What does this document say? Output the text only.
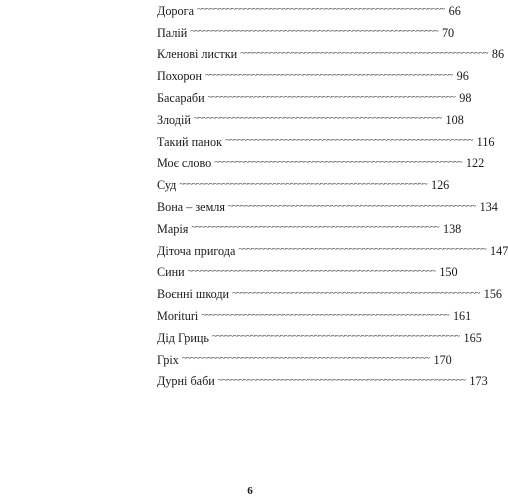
Дорога ~~~~~~~~~~~~~~~~~~~~~~~~~~~~~~~~~~~~~~~~~~~~~~~~~~~~~~~~~~ 66
Палій ~~~~~~~~~~~~~~~~~~~~~~~~~~~~~~~~~~~~~~~~~~~~~~~~~~~~~~~~~~ 70
Кленові листки ~~~~~~~~~~~~~~~~~~~~~~~~~~~~~~~~~~~~~~~~~~~~~~~~~~~~~~~~~~ 86
Похорон ~~~~~~~~~~~~~~~~~~~~~~~~~~~~~~~~~~~~~~~~~~~~~~~~~~~~~~~~~~ 96
Басараби ~~~~~~~~~~~~~~~~~~~~~~~~~~~~~~~~~~~~~~~~~~~~~~~~~~~~~~~~~~ 98
Злодій ~~~~~~~~~~~~~~~~~~~~~~~~~~~~~~~~~~~~~~~~~~~~~~~~~~~~~~~~~~ 108
Такий панок ~~~~~~~~~~~~~~~~~~~~~~~~~~~~~~~~~~~~~~~~~~~~~~~~~~~~~~~~~~ 116
Моє слово ~~~~~~~~~~~~~~~~~~~~~~~~~~~~~~~~~~~~~~~~~~~~~~~~~~~~~~~~~~ 122
Суд ~~~~~~~~~~~~~~~~~~~~~~~~~~~~~~~~~~~~~~~~~~~~~~~~~~~~~~~~~~ 126
Вона – земля ~~~~~~~~~~~~~~~~~~~~~~~~~~~~~~~~~~~~~~~~~~~~~~~~~~~~~~~~~~ 134
Марія ~~~~~~~~~~~~~~~~~~~~~~~~~~~~~~~~~~~~~~~~~~~~~~~~~~~~~~~~~~ 138
Діточа пригода ~~~~~~~~~~~~~~~~~~~~~~~~~~~~~~~~~~~~~~~~~~~~~~~~~~~~~~~~~~ 147
Сини ~~~~~~~~~~~~~~~~~~~~~~~~~~~~~~~~~~~~~~~~~~~~~~~~~~~~~~~~~~ 150
Воєнні шкоди ~~~~~~~~~~~~~~~~~~~~~~~~~~~~~~~~~~~~~~~~~~~~~~~~~~~~~~~~~~ 156
Moriturі ~~~~~~~~~~~~~~~~~~~~~~~~~~~~~~~~~~~~~~~~~~~~~~~~~~~~~~~~~~ 161
Дід Гриць ~~~~~~~~~~~~~~~~~~~~~~~~~~~~~~~~~~~~~~~~~~~~~~~~~~~~~~~~~~ 165
Гріх ~~~~~~~~~~~~~~~~~~~~~~~~~~~~~~~~~~~~~~~~~~~~~~~~~~~~~~~~~~ 170
Дурні баби ~~~~~~~~~~~~~~~~~~~~~~~~~~~~~~~~~~~~~~~~~~~~~~~~~~~~~~~~~~ 173
6
